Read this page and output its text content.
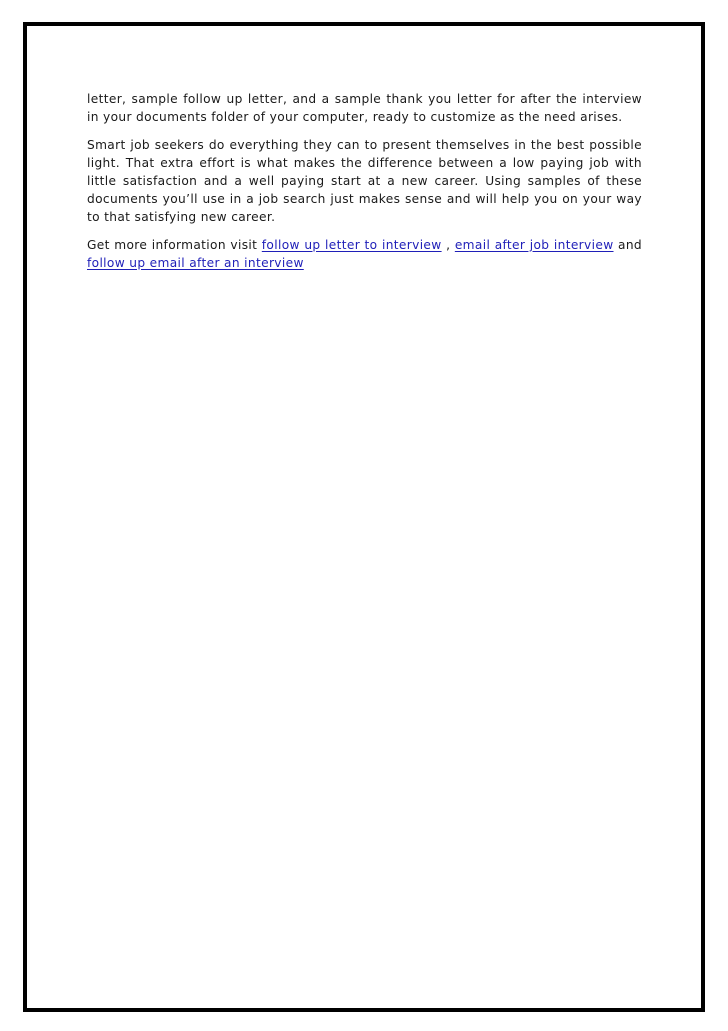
letter, sample follow up letter, and a sample thank you letter for after the interview in your documents folder of your computer, ready to customize as the need arises.

Smart job seekers do everything they can to present themselves in the best possible light. That extra effort is what makes the difference between a low paying job with little satisfaction and a well paying start at a new career. Using samples of these documents you’ll use in a job search just makes sense and will help you on your way to that satisfying new career.

Get more information visit follow up letter to interview , email after job interview and follow up email after an interview
